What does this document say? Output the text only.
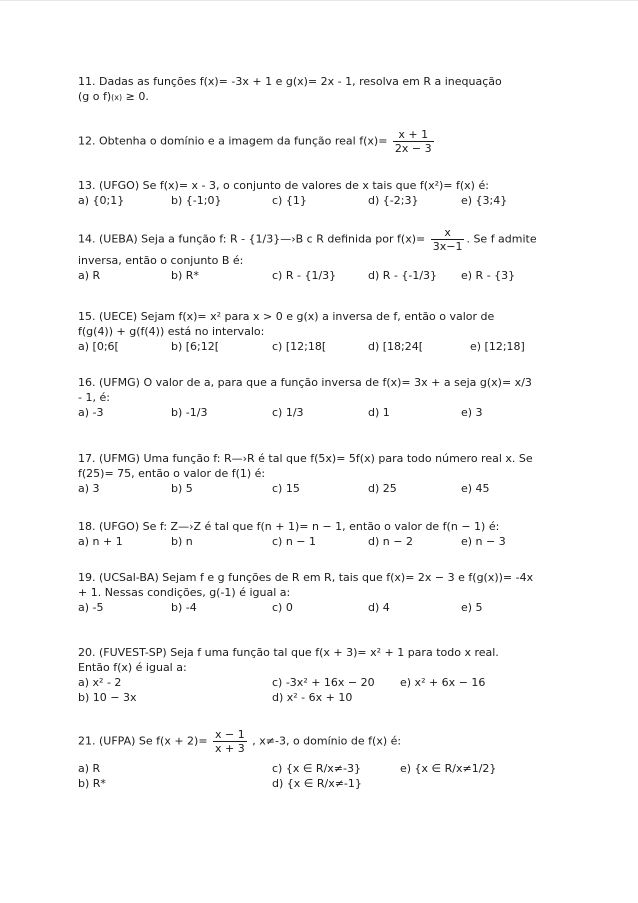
11. Dadas as funções f(x)= -3x + 1 e g(x)= 2x - 1, resolva em R a inequação
(g o f)(x) ≥ 0.
12. Obtenha o domínio e a imagem da função real $f(x)= \frac{x + 1}{2x - 3}$
13. (UFGO) Se f(x)= x - 3, o conjunto de valores de x tais que f(x²)= f(x) é:
a) {0;1}	b) {-1;0}	c) {1}	d) {-2;3}	e) {3;4}
14. (UEBA) Seja a função f: R - {1/3}—›B c R definida por $f(x)= \frac{x}{3x-1}$ . Se f admite
inversa, então o conjunto B é:
a) R	b) R*	c) R - {1/3}	d) R - {-1/3} e) R - {3}
15. (UECE) Sejam f(x)= x² para x > 0 e g(x) a inversa de f, então o valor de
f(g(4)) + g(f(4)) está no intervalo:
a) [0;6[	b) [6;12[	c) [12;18[	d) [18;24[	e) [12;18]
16. (UFMG) O valor de a, para que a função inversa de f(x)= 3x + a seja g(x)= x/3
- 1, é:
a) -3	b) -1/3	c) 1/3	d) 1	e) 3
17. (UFMG) Uma função f: R—›R é tal que f(5x)= 5f(x) para todo número real x. Se
f(25)= 75, então o valor de f(1) é:
a) 3	b) 5	c) 15	d) 25	e) 45
18. (UFGO) Se f: Z—›Z é tal que f(n + 1)= n − 1, então o valor de f(n − 1) é:
a) n + 1	b) n	c) n − 1	d) n − 2	e) n − 3
19. (UCSal-BA) Sejam f e g funções de R em R, tais que f(x)= 2x − 3 e f(g(x))= -4x
+ 1. Nessas condições, g(-1) é igual a:
a) -5	b) -4	c) 0	d) 4	e) 5
20. (FUVEST-SP) Seja f uma função tal que f(x + 3)= x² + 1 para todo x real.
Então f(x) é igual a:
a) x² - 2	c) -3x² + 16x − 20 e) x² + 6x − 16
b) 10 − 3x	d) x² - 6x + 10
21. (UFPA) Se $f(x + 2)= \frac{x - 1}{x + 3}$ , x≠-3, o domínio de f(x) é:
a) R	c) {x ∈ R/x≠-3}	e) {x ∈ R/x≠1/2}
b) R*	d) {x ∈ R/x≠-1}
